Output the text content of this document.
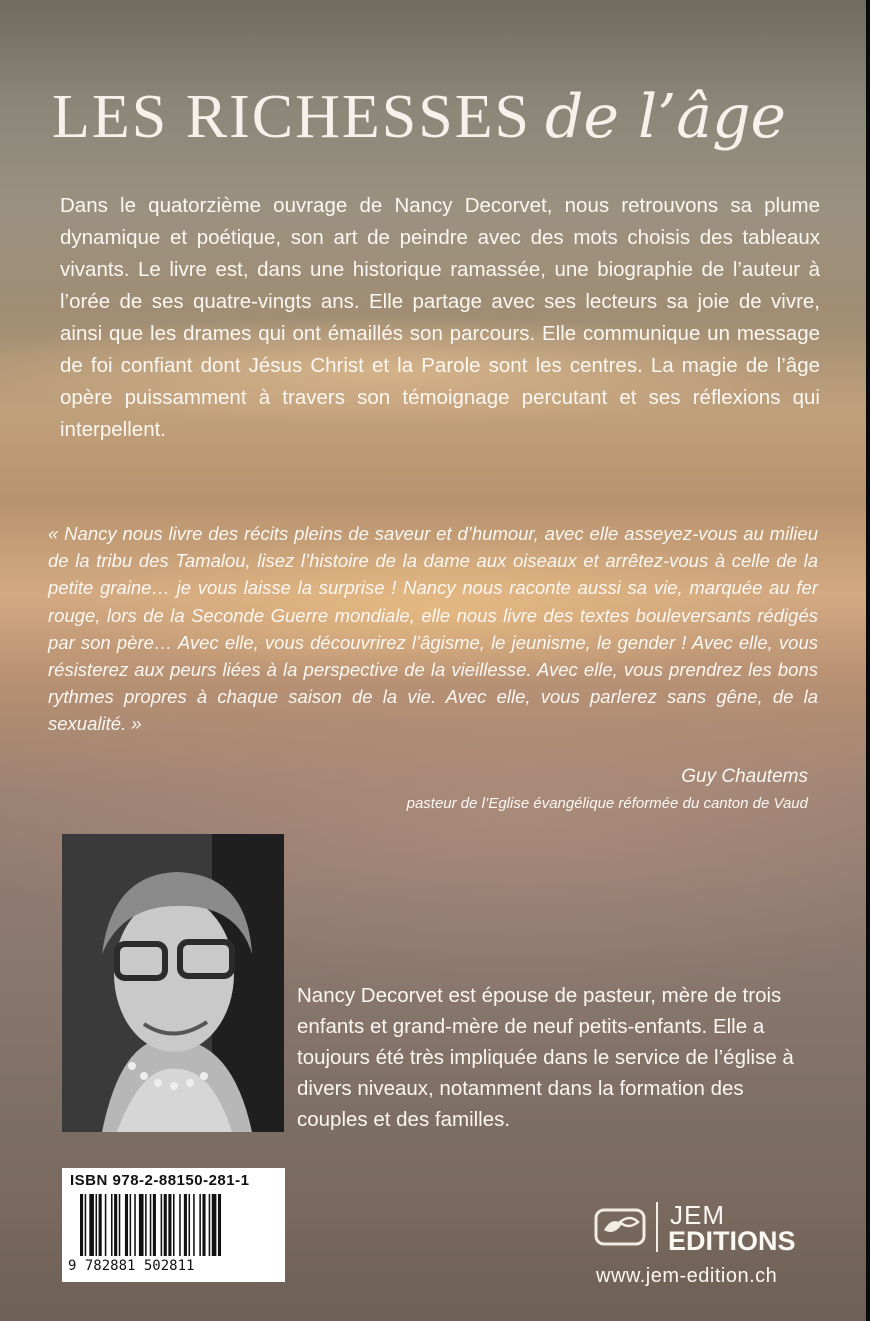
LES RICHESSES de l’âge

Dans le quatorzième ouvrage de Nancy Decorvet, nous retrouvons sa plume dynamique et poétique, son art de peindre avec des mots choisis des tableaux vivants. Le livre est, dans une historique ramassée, une biographie de l’auteur à l’orée de ses quatre-vingts ans. Elle partage avec ses lecteurs sa joie de vivre, ainsi que les drames qui ont émaillés son parcours. Elle communique un message de foi confiant dont Jésus Christ et la Parole sont les centres. La magie de l’âge opère puissamment à travers son témoignage percutant et ses réflexions qui interpellent.

« Nancy nous livre des récits pleins de saveur et d’humour, avec elle asseyez-vous au milieu de la tribu des Tamalou, lisez l’histoire de la dame aux oiseaux et arrêtez-vous à celle de la petite graine… je vous laisse la surprise ! Nancy nous raconte aussi sa vie, marquée au fer rouge, lors de la Seconde Guerre mondiale, elle nous livre des textes bouleversants rédigés par son père… Avec elle, vous découvrirez l’âgisme, le jeunisme, le gender ! Avec elle, vous résisterez aux peurs liées à la perspective de la vieillesse. Avec elle, vous prendrez les bons rythmes propres à chaque saison de la vie. Avec elle, vous parlerez sans gêne, de la sexualité. »
Guy Chautems
pasteur de l’Eglise évangélique réformée du canton de Vaud
Nancy Decorvet est épouse de pasteur, mère de trois enfants et grand-mère de neuf petits-enfants. Elle a toujours été très impliquée dans le service de l’église à divers niveaux, notamment dans la formation des couples et des familles.
ISBN 978-2-88150-281-1
9 782881 502811
JEM
EDITIONS
www.jem-edition.ch
